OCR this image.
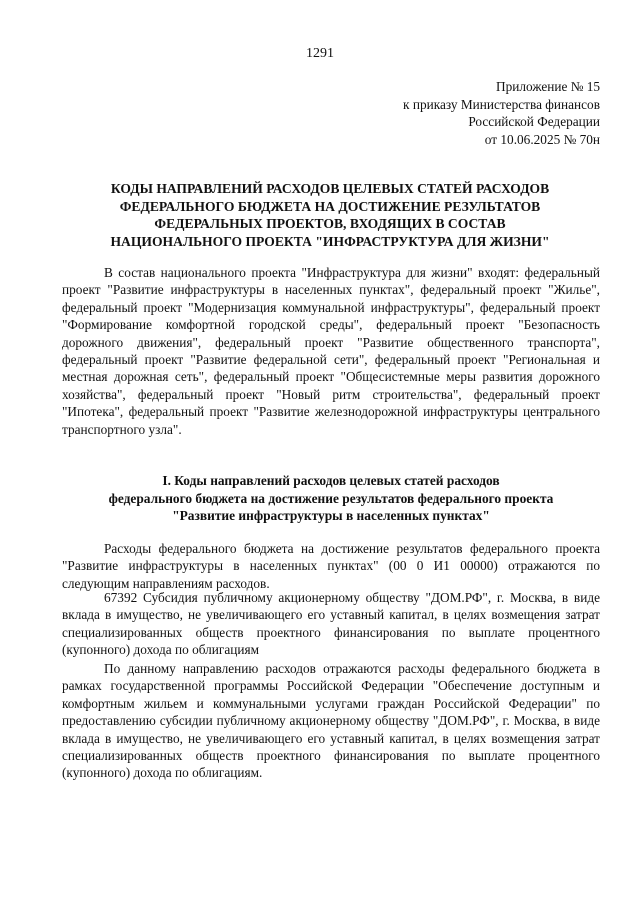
1291
Приложение № 15
к приказу Министерства финансов
Российской Федерации
от 10.06.2025 № 70н
КОДЫ НАПРАВЛЕНИЙ РАСХОДОВ ЦЕЛЕВЫХ СТАТЕЙ РАСХОДОВ
ФЕДЕРАЛЬНОГО БЮДЖЕТА НА ДОСТИЖЕНИЕ РЕЗУЛЬТАТОВ
ФЕДЕРАЛЬНЫХ ПРОЕКТОВ, ВХОДЯЩИХ В СОСТАВ
НАЦИОНАЛЬНОГО ПРОЕКТА "ИНФРАСТРУКТУРА ДЛЯ ЖИЗНИ"

В состав национального проекта "Инфраструктура для жизни" входят: федеральный проект "Развитие инфраструктуры в населенных пунктах", федеральный проект "Жилье", федеральный проект "Модернизация коммунальной инфраструктуры", федеральный проект "Формирование комфортной городской среды", федеральный проект "Безопасность дорожного движения", федеральный проект "Развитие общественного транспорта", федеральный проект "Развитие федеральной сети", федеральный проект "Региональная и местная дорожная сеть", федеральный проект "Общесистемные меры развития дорожного хозяйства", федеральный проект "Новый ритм строительства", федеральный проект "Ипотека", федеральный проект "Развитие железнодорожной инфраструктуры центрального транспортного узла".

I. Коды направлений расходов целевых статей расходов
федерального бюджета на достижение результатов федерального проекта
"Развитие инфраструктуры в населенных пунктах"

Расходы федерального бюджета на достижение результатов федерального проекта "Развитие инфраструктуры в населенных пунктах" (00 0 И1 00000) отражаются по следующим направлениям расходов.

67392 Субсидия публичному акционерному обществу "ДОМ.РФ", г. Москва, в виде вклада в имущество, не увеличивающего его уставный капитал, в целях возмещения затрат специализированных обществ проектного финансирования по выплате процентного (купонного) дохода по облигациям

По данному направлению расходов отражаются расходы федерального бюджета в рамках государственной программы Российской Федерации "Обеспечение доступным и комфортным жильем и коммунальными услугами граждан Российской Федерации" по предоставлению субсидии публичному акционерному обществу "ДОМ.РФ", г. Москва, в виде вклада в имущество, не увеличивающего его уставный капитал, в целях возмещения затрат специализированных обществ проектного финансирования по выплате процентного (купонного) дохода по облигациям.
